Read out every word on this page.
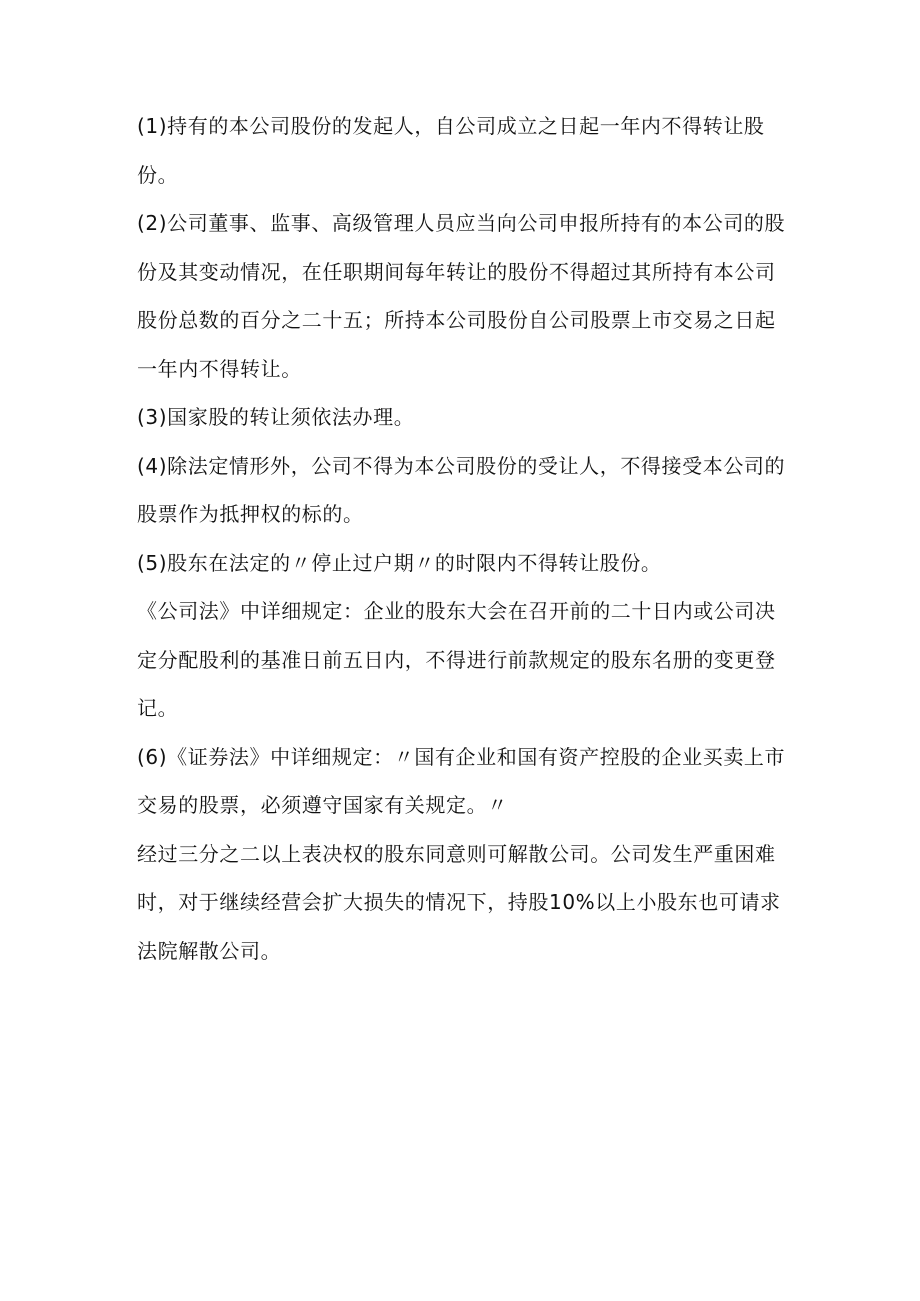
(1)持有的本公司股份的发起人，自公司成立之日起一年内不得转让股份。

(2)公司董事、监事、高级管理人员应当向公司申报所持有的本公司的股份及其变动情况，在任职期间每年转让的股份不得超过其所持有本公司股份总数的百分之二十五；所持本公司股份自公司股票上市交易之日起一年内不得转让。

(3)国家股的转让须依法办理。

(4)除法定情形外，公司不得为本公司股份的受让人，不得接受本公司的股票作为抵押权的标的。

(5)股东在法定的〃停止过户期〃的时限内不得转让股份。

《公司法》中详细规定：企业的股东大会在召开前的二十日内或公司决定分配股利的基准日前五日内，不得进行前款规定的股东名册的变更登记。

(6)《证券法》中详细规定：〃国有企业和国有资产控股的企业买卖上市交易的股票，必须遵守国家有关规定。〃

经过三分之二以上表决权的股东同意则可解散公司。公司发生严重困难时，对于继续经营会扩大损失的情况下，持股10%以上小股东也可请求法院解散公司。
